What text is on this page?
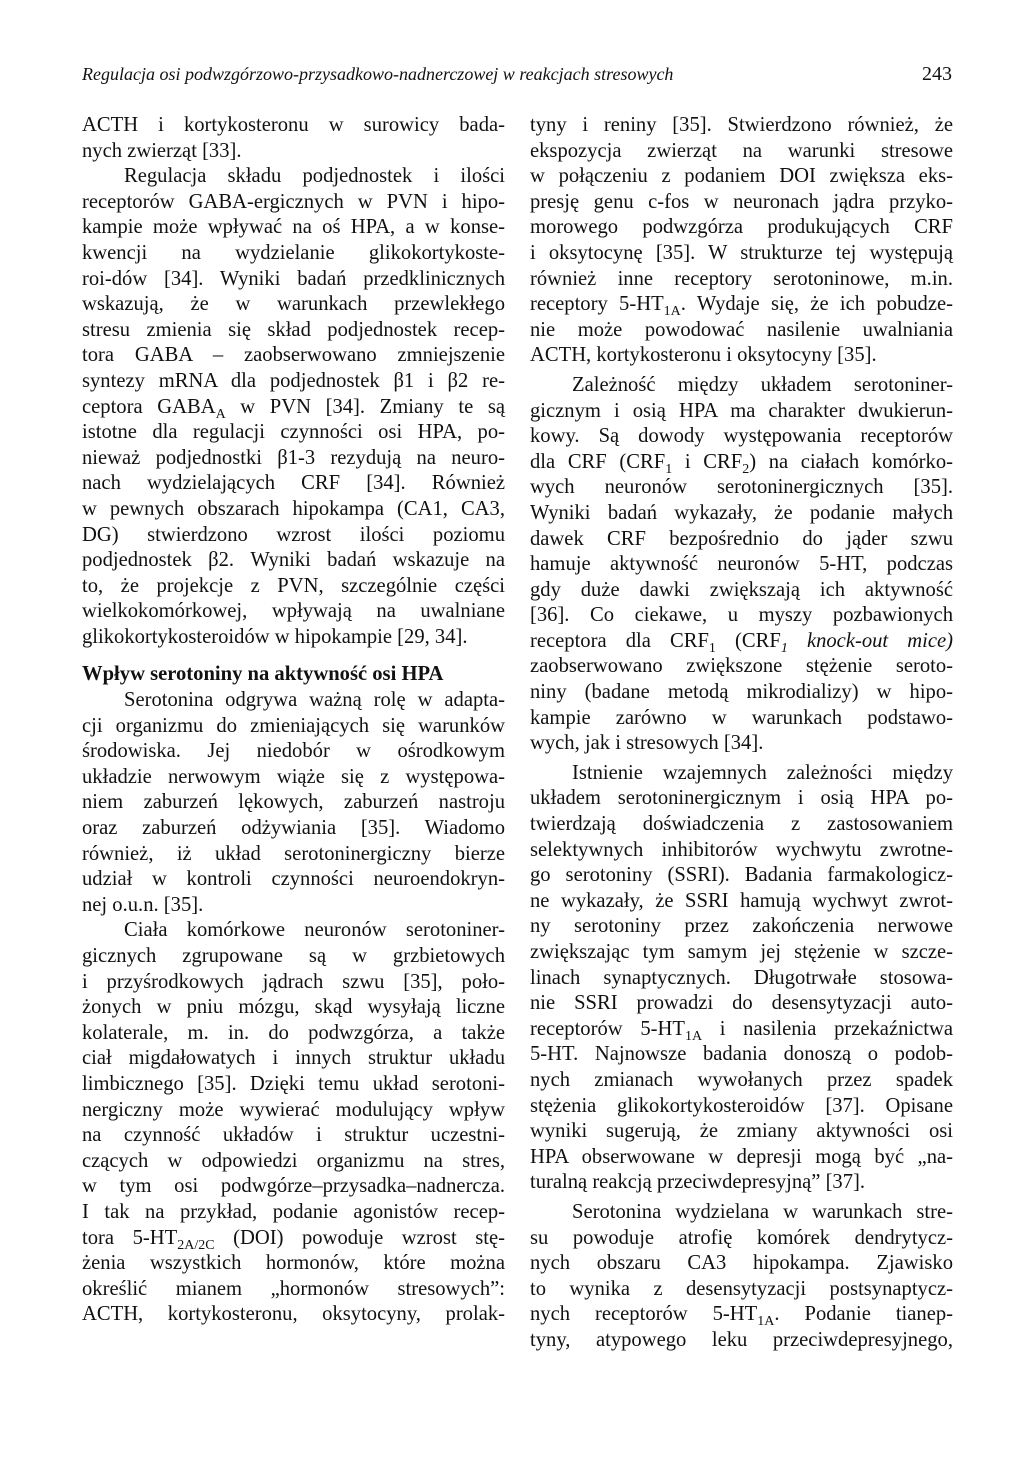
Regulacja osi podwzgórzowo-przysadkowo-nadnerczowej w reakcjach stresowych	243
ACTH i kortykosteronu w surowicy bada-
nych zwierząt [33].
Regulacja składu podjednostek i ilości
receptorów GABA-ergicznych w PVN i hipo-
kampie może wpływać na oś HPA, a w konse-
kwencji na wydzielanie glikokortykoste-
roi-dów [34]. Wyniki badań przedklinicznych
wskazują, że w warunkach przewlekłego
stresu zmienia się skład podjednostek recep-
tora GABA – zaobserwowano zmniejszenie
syntezy mRNA dla podjednostek β1 i β2 re-
ceptora $GABA_A$ w PVN [34]. Zmiany te są
istotne dla regulacji czynności osi HPA, po-
nieważ podjednostki β1-3 rezydują na neuro-
nach wydzielających CRF [34]. Również
w pewnych obszarach hipokampa (CA1, CA3,
DG) stwierdzono wzrost ilości poziomu
podjednostek β2. Wyniki badań wskazuje na
to, że projekcje z PVN, szczególnie części
wielkokomórkowej, wpływają na uwalniane
glikokortykosteroidów w hipokampie [29, 34].
Wpływ serotoniny na aktywność osi HPA
Serotonina odgrywa ważną rolę w adapta-
cji organizmu do zmieniających się warunków
środowiska. Jej niedobór w ośrodkowym
układzie nerwowym wiąże się z występowa-
niem zaburzeń lękowych, zaburzeń nastroju
oraz zaburzeń odżywiania [35]. Wiadomo
również, iż układ serotoninergiczny bierze
udział w kontroli czynności neuroendokryn-
nej o.u.n. [35].
Ciała komórkowe neuronów serotoniner-
gicznych zgrupowane są w grzbietowych
i przyśrodkowych jądrach szwu [35], poło-
żonych w pniu mózgu, skąd wysyłają liczne
kolaterale, m. in. do podwzgórza, a także
ciał migdałowatych i innych struktur układu
limbicznego [35]. Dzięki temu układ serotoni-
nergiczny może wywierać modulujący wpływ
na czynność układów i struktur uczestni-
czących w odpowiedzi organizmu na stres,
w tym osi podwgórze–przysadka–nadnercza.
I tak na przykład, podanie agonistów recep-
tora $5-HT_{2A/2C}$ (DOI) powoduje wzrost stę-
żenia wszystkich hormonów, które można
określić mianem „hormonów stresowych”:
ACTH, kortykosteronu, oksytocyny, prolak-
tyny i reniny [35]. Stwierdzono również, że
ekspozycja zwierząt na warunki stresowe
w połączeniu z podaniem DOI zwiększa eks-
presję genu c-fos w neuronach jądra przyko-
morowego podwzgórza produkujących CRF
i oksytocynę [35]. W strukturze tej występują
również inne receptory serotoninowe, m.in.
receptory $5-HT_{1A}$. Wydaje się, że ich pobudze-
nie może powodować nasilenie uwalniania
ACTH, kortykosteronu i oksytocyny [35].
Zależność między układem serotoniner-
gicznym i osią HPA ma charakter dwukierun-
kowy. Są dowody występowania receptorów
dla CRF ($CRF_1$ i $CRF_2$) na ciałach komórko-
wych neuronów serotoninergicznych [35].
Wyniki badań wykazały, że podanie małych
dawek CRF bezpośrednio do jąder szwu
hamuje aktywność neuronów 5-HT, podczas
gdy duże dawki zwiększają ich aktywność
[36]. Co ciekawe, u myszy pozbawionych
receptora dla $CRF_1$ ($CRF_1$ knock-out mice)
zaobserwowano zwiększone stężenie seroto-
niny (badane metodą mikrodializy) w hipo-
kampie zarówno w warunkach podstawo-
wych, jak i stresowych [34].
Istnienie wzajemnych zależności między
układem serotoninergicznym i osią HPA po-
twierdzają doświadczenia z zastosowaniem
selektywnych inhibitorów wychwytu zwrotne-
go serotoniny (SSRI). Badania farmakologicz-
ne wykazały, że SSRI hamują wychwyt zwrot-
ny serotoniny przez zakończenia nerwowe
zwiększając tym samym jej stężenie w szcze-
linach synaptycznych. Długotrwałe stosowa-
nie SSRI prowadzi do desensytyzacji auto-
receptorów $5-HT_{1A}$ i nasilenia przekaźnictwa
5-HT. Najnowsze badania donoszą o podob-
nych zmianach wywołanych przez spadek
stężenia glikokortykosteroidów [37]. Opisane
wyniki sugerują, że zmiany aktywności osi
HPA obserwowane w depresji mogą być „na-
turalną reakcją przeciwdepresyjną” [37].
Serotonina wydzielana w warunkach stre-
su powoduje atrofię komórek dendrytycz-
nych obszaru CA3 hipokampa. Zjawisko
to wynika z desensytyzacji postsynaptycz-
nych receptorów $5-HT_{1A}$. Podanie tianep-
tyny, atypowego leku przeciwdepresyjnego,
